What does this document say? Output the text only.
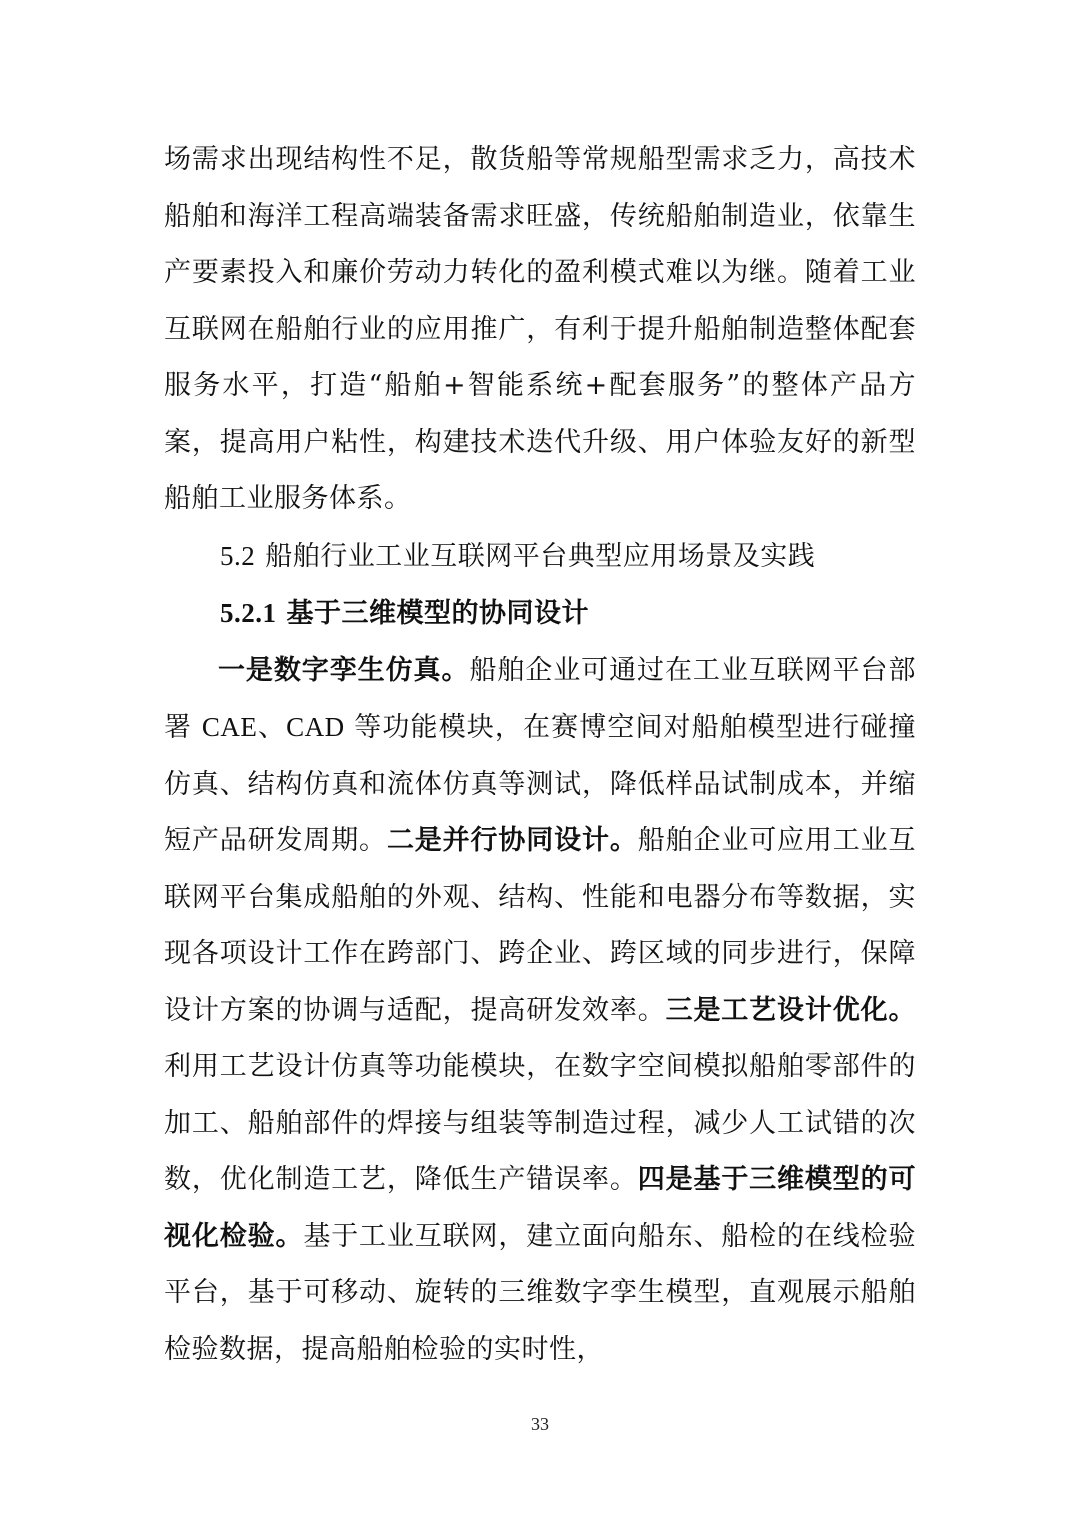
场需求出现结构性不足，散货船等常规船型需求乏力，高技术船舶和海洋工程高端装备需求旺盛，传统船舶制造业，依靠生产要素投入和廉价劳动力转化的盈利模式难以为继。随着工业互联网在船舶行业的应用推广，有利于提升船舶制造整体配套服务水平，打造“船舶+智能系统+配套服务”的整体产品方案，提高用户粘性，构建技术迭代升级、用户体验友好的新型船舶工业服务体系。

5.2 船舶行业工业互联网平台典型应用场景及实践
5.2.1 基于三维模型的协同设计

一是数字孪生仿真。船舶企业可通过在工业互联网平台部署 CAE、CAD 等功能模块，在赛博空间对船舶模型进行碰撞仿真、结构仿真和流体仿真等测试，降低样品试制成本，并缩短产品研发周期。二是并行协同设计。船舶企业可应用工业互联网平台集成船舶的外观、结构、性能和电器分布等数据，实现各项设计工作在跨部门、跨企业、跨区域的同步进行，保障设计方案的协调与适配，提高研发效率。三是工艺设计优化。利用工艺设计仿真等功能模块，在数字空间模拟船舶零部件的加工、船舶部件的焊接与组装等制造过程，减少人工试错的次数，优化制造工艺，降低生产错误率。四是基于三维模型的可视化检验。基于工业互联网，建立面向船东、船检的在线检验平台，基于可移动、旋转的三维数字孪生模型，直观展示船舶检验数据，提高船舶检验的实时性，

33
